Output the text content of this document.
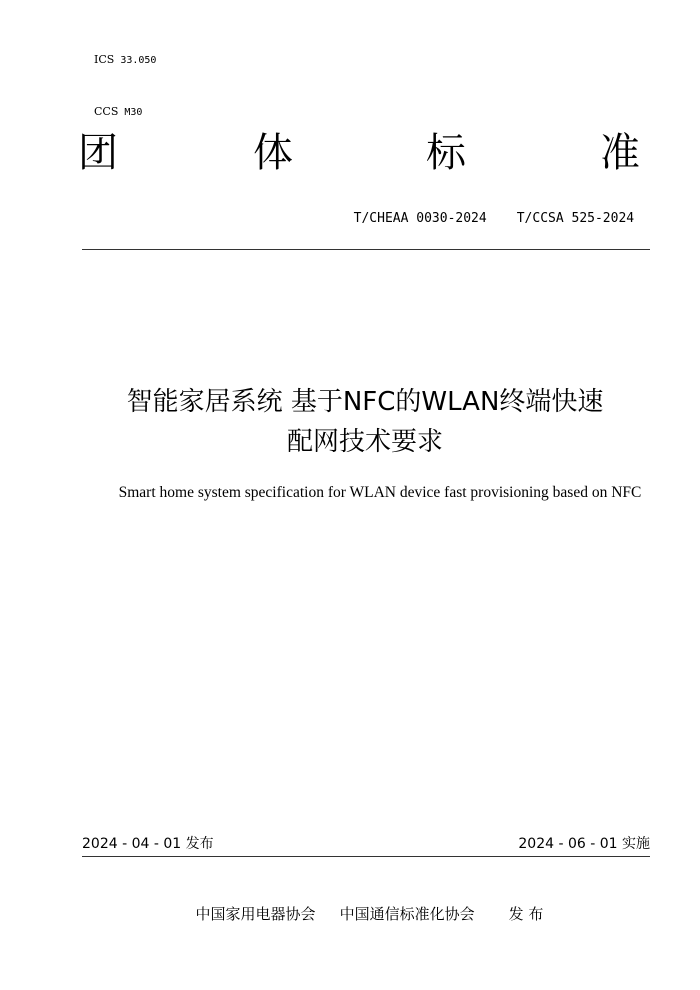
ICS 33.050

CCS M30

团	体	标	准

T/CHEAA 0030-2024 T/CCSA 525-2024

智能家居系统 基于NFC的WLAN终端快速
配网技术要求
Smart home system specification for WLAN device fast provisioning based on NFC
2024 - 04 - 01 发布	2024 - 06 - 01 实施

中国家用电器协会 中国通信标准化协会 发 布
